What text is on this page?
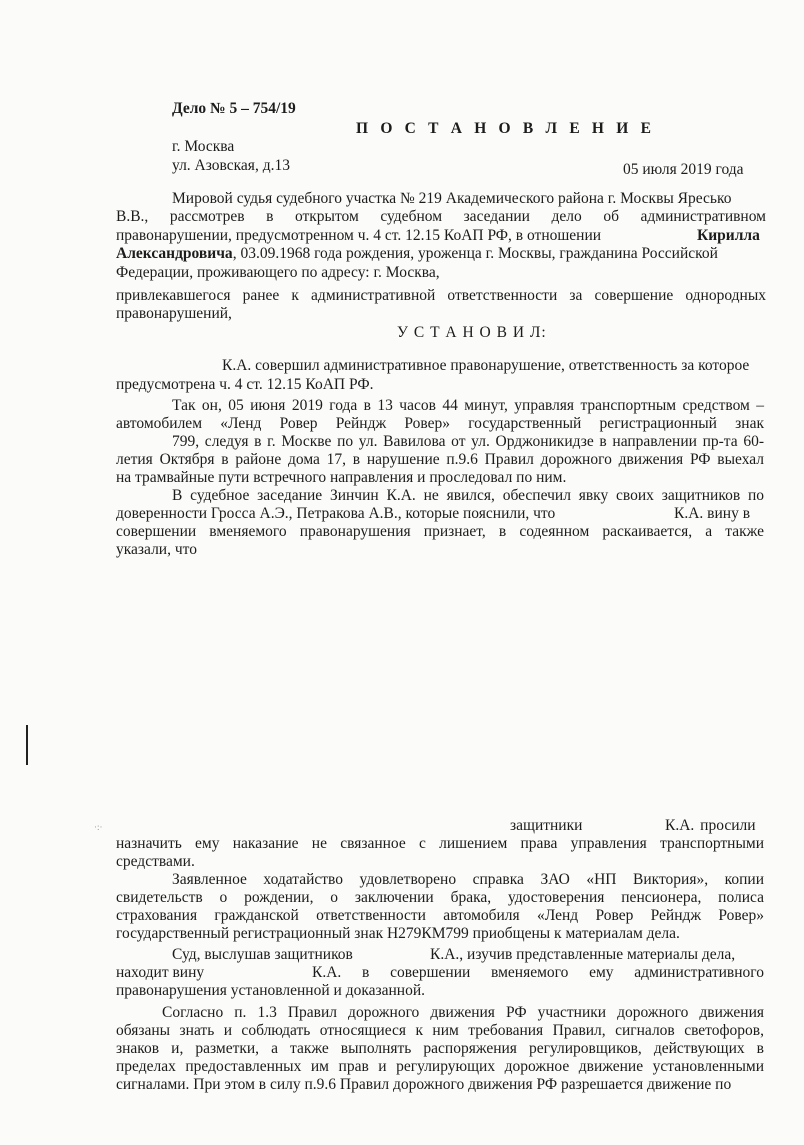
Дело № 5 – 754/19
П О С Т А Н О В Л Е Н И Е
г. Москва
ул. Азовская, д.13	05 июля 2019 года
Мировой судья судебного участка № 219 Академического района г. Москвы Яресько
В.В., рассмотрев в открытом судебном заседании дело об административном
правонарушении, предусмотренном ч. 4 ст. 12.15 КоАП РФ, в отношении	Кирилла
Александровича, 03.09.1968 года рождения, уроженца г. Москвы, гражданина Российской
Федерации, проживающего по адресу: г. Москва,
привлекавшегося ранее к административной ответственности за совершение однородных
правонарушений,
У С Т А Н О В И Л:
К.А. совершил административное правонарушение, ответственность за которое
предусмотрена ч. 4 ст. 12.15 КоАП РФ.
Так он, 05 июня 2019 года в 13 часов 44 минут, управляя транспортным средством –
автомобилем «Ленд Ровер Рейндж Ровер» государственный регистрационный знак
799, следуя в г. Москве по ул. Вавилова от ул. Орджоникидзе в направлении пр-та 60-
летия Октября в районе дома 17, в нарушение п.9.6 Правил дорожного движения РФ выехал
на трамвайные пути встречного направления и проследовал по ним.
В судебное заседание Зинчин К.А. не явился, обеспечил явку своих защитников по
доверенности Гросса А.Э., Петракова А.В., которые пояснили, что	К.А. вину в
совершении вменяемого правонарушения признает, в содеянном раскаивается, а также
указали, что
·:·	защитники	К.А. просили
назначить ему наказание не связанное с лишением права управления транспортными
средствами.
Заявленное ходатайство удовлетворено справка ЗАО «НП Виктория», копии
свидетельств о рождении, о заключении брака, удостоверения пенсионера, полиса
страхования гражданской ответственности автомобиля «Ленд Ровер Рейндж Ровер»
государственный регистрационный знак Н279КМ799 приобщены к материалам дела.
Суд, выслушав защитников	К.А., изучив представленные материалы дела,
находит вину	К.А. в совершении вменяемого ему административного
правонарушения установленной и доказанной.
Согласно п. 1.3 Правил дорожного движения РФ участники дорожного движения
обязаны знать и соблюдать относящиеся к ним требования Правил, сигналов светофоров,
знаков и, разметки, а также выполнять распоряжения регулировщиков, действующих в
пределах предоставленных им прав и регулирующих дорожное движение установленными
сигналами. При этом в силу п.9.6 Правил дорожного движения РФ разрешается движение по
